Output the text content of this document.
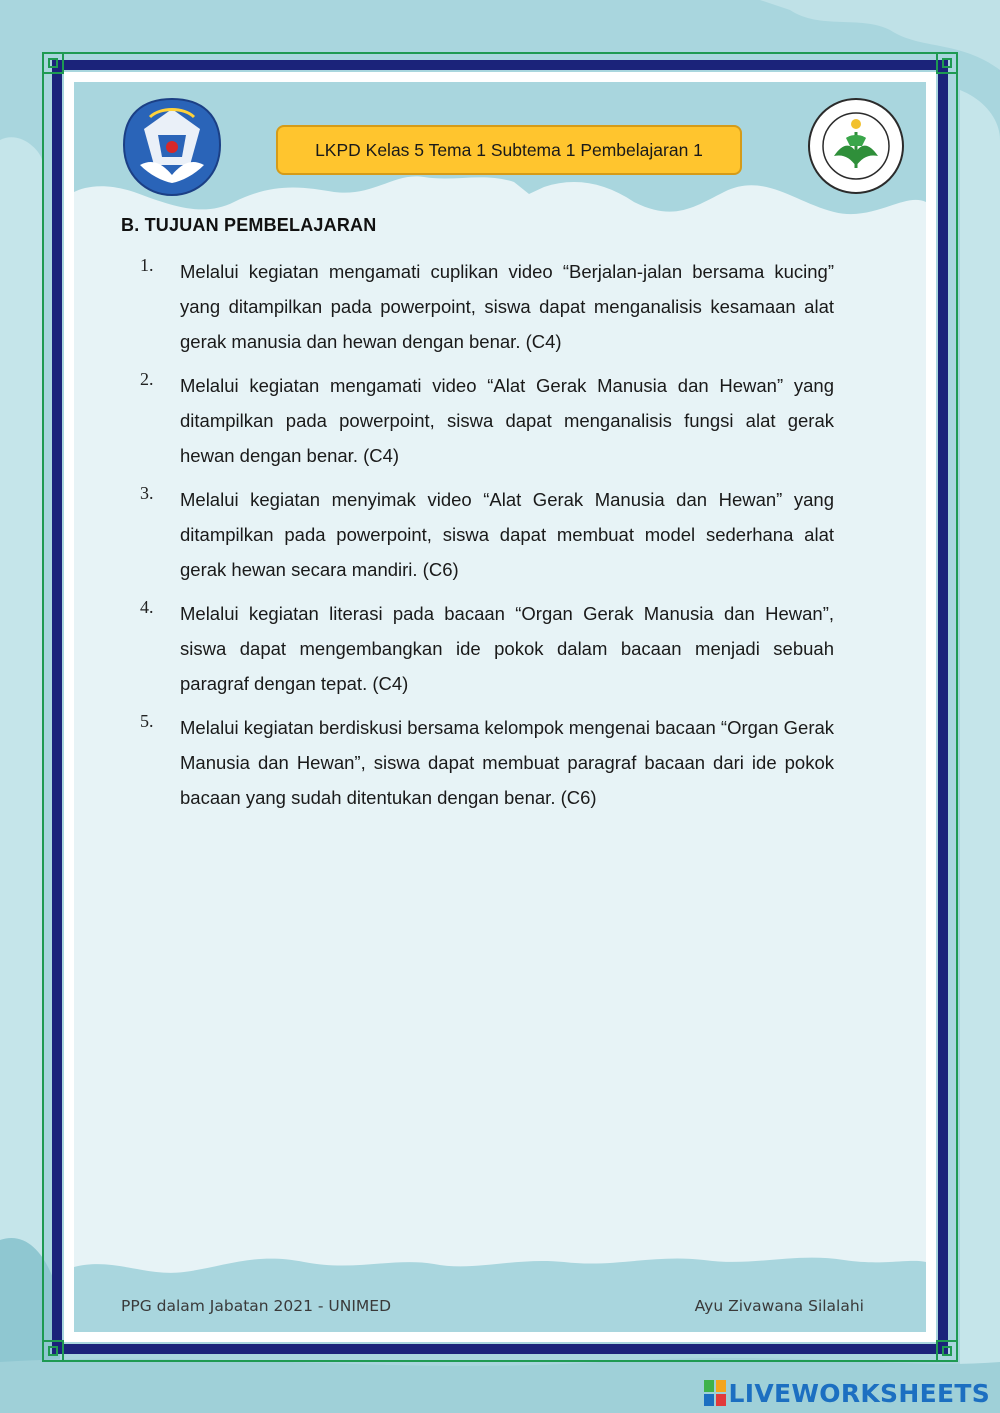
LKPD Kelas 5 Tema 1 Subtema 1 Pembelajaran 1
B. TUJUAN PEMBELAJARAN
1. Melalui kegiatan mengamati cuplikan video “Berjalan-jalan bersama kucing” yang ditampilkan pada powerpoint, siswa dapat menganalisis kesamaan alat gerak manusia dan hewan dengan benar. (C4)
2. Melalui kegiatan mengamati video “Alat Gerak Manusia dan Hewan” yang ditampilkan pada powerpoint, siswa dapat menganalisis fungsi alat gerak hewan dengan benar. (C4)
3. Melalui kegiatan menyimak video “Alat Gerak Manusia dan Hewan” yang ditampilkan pada powerpoint, siswa dapat membuat model sederhana alat gerak hewan secara mandiri. (C6)
4. Melalui kegiatan literasi pada bacaan “Organ Gerak Manusia dan Hewan”, siswa dapat mengembangkan ide pokok dalam bacaan menjadi sebuah paragraf dengan tepat. (C4)
5. Melalui kegiatan berdiskusi bersama kelompok mengenai bacaan “Organ Gerak Manusia dan Hewan”, siswa dapat membuat paragraf bacaan dari ide pokok bacaan yang sudah ditentukan dengan benar. (C6)
PPG dalam Jabatan 2021 - UNIMED	Ayu Zivawana Silalahi
LIVEWORKSHEETS
